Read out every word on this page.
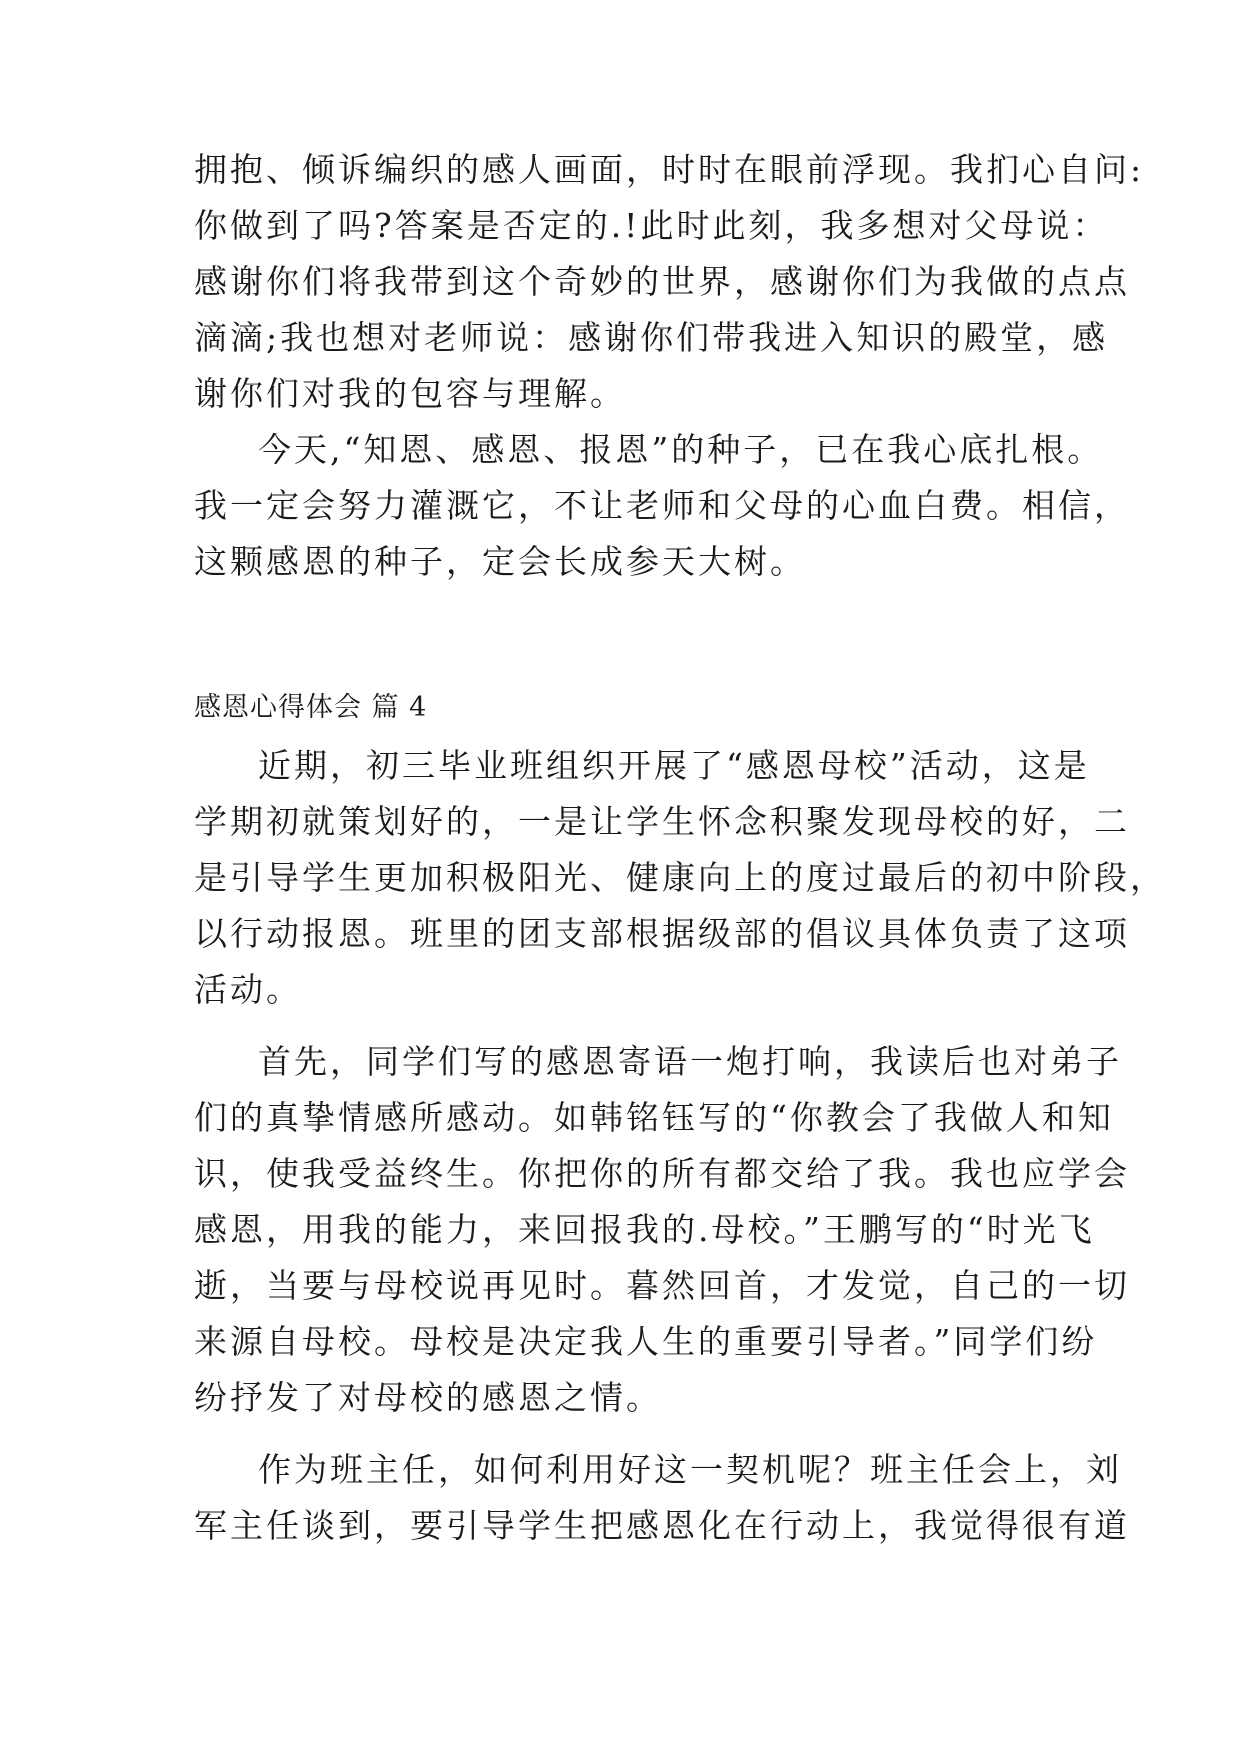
拥抱、倾诉编织的感人画面，时时在眼前浮现。我扪心自问:
你做到了吗?答案是否定的.!此时此刻，我多想对父母说：
感谢你们将我带到这个奇妙的世界，感谢你们为我做的点点
滴滴;我也想对老师说：感谢你们带我进入知识的殿堂，感
谢你们对我的包容与理解。
今天,“知恩、感恩、报恩”的种子，已在我心底扎根。
我一定会努力灌溉它，不让老师和父母的心血白费。相信，
这颗感恩的种子，定会长成参天大树。
感恩心得体会 篇 4
近期，初三毕业班组织开展了“感恩母校”活动，这是
学期初就策划好的，一是让学生怀念积聚发现母校的好，二
是引导学生更加积极阳光、健康向上的度过最后的初中阶段，
以行动报恩。班里的团支部根据级部的倡议具体负责了这项
活动。
首先，同学们写的感恩寄语一炮打响，我读后也对弟子
们的真挚情感所感动。如韩铭钰写的“你教会了我做人和知
识，使我受益终生。你把你的所有都交给了我。我也应学会
感恩，用我的能力，来回报我的.母校。”王鹏写的“时光飞
逝，当要与母校说再见时。暮然回首，才发觉，自己的一切
来源自母校。母校是决定我人生的重要引导者。”同学们纷
纷抒发了对母校的感恩之情。
作为班主任，如何利用好这一契机呢？班主任会上，刘
军主任谈到，要引导学生把感恩化在行动上，我觉得很有道
